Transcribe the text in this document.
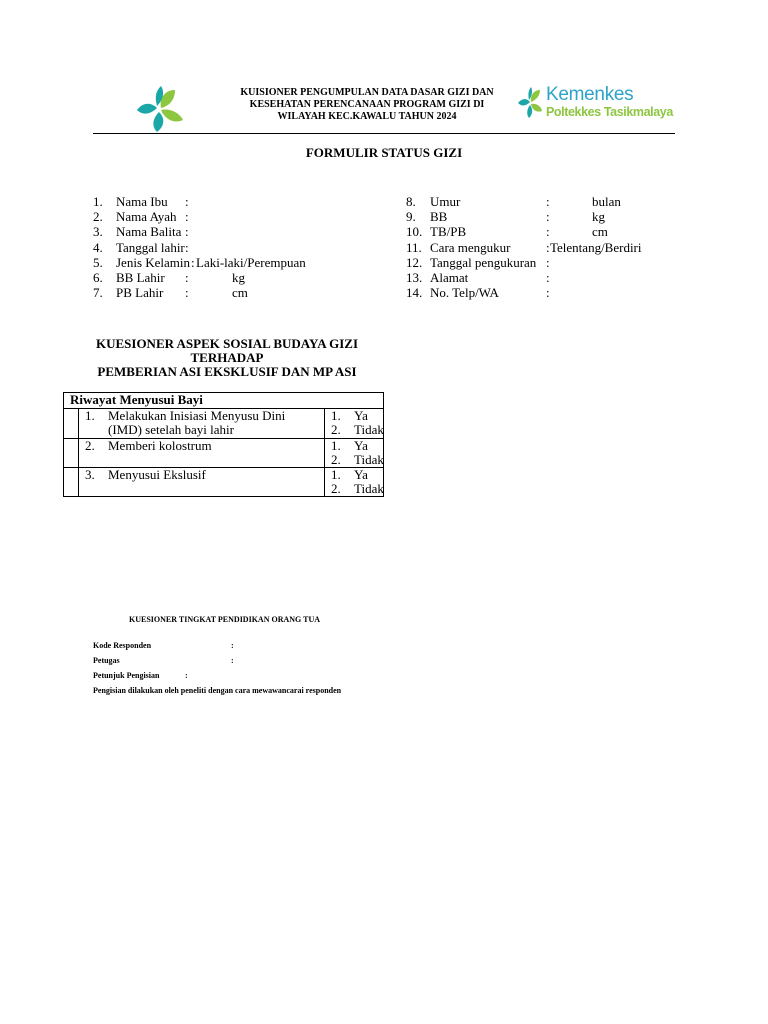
KUISIONER PENGUMPULAN DATA DASAR GIZI DAN
KESEHATAN PERENCANAAN PROGRAM GIZI DI
WILAYAH KEC.KAWALU TAHUN 2024
Kemenkes
Poltekkes Tasikmalaya
FORMULIR STATUS GIZI
1. Nama Ibu :
2. Nama Ayah :
3. Nama Balita :
4. Tanggal lahir :
5. Jenis Kelamin : Laki-laki/Perempuan
6. BB Lahir :	kg
7. PB Lahir :	cm
8. Umur	:	bulan
9. BB	:	kg
10. TB/PB	:	cm
11. Cara mengukur	: Telentang/Berdiri
12. Tanggal pengukuran :
13. Alamat	:
14. No. Telp/WA	:
KUESIONER ASPEK SOSIAL BUDAYA GIZI
TERHADAP
PEMBERIAN ASI EKSKLUSIF DAN MP ASI
Riwayat Menyusui Bayi		

	1. Melakukan Inisiasi Menyusu Dini
(IMD) setelah bayi lahir	1. Ya
2. Tidak

	2. Memberi kolostrum	1. Ya
2. Tidak

	3. Menyusui Ekslusif	1. Ya
2. Tidak
KUESIONER TINGKAT PENDIDIKAN ORANG TUA
Kode Responden	:
Petugas	:
Petunjuk Pengisian	:
Pengisian dilakukan oleh peneliti dengan cara mewawancarai responden
